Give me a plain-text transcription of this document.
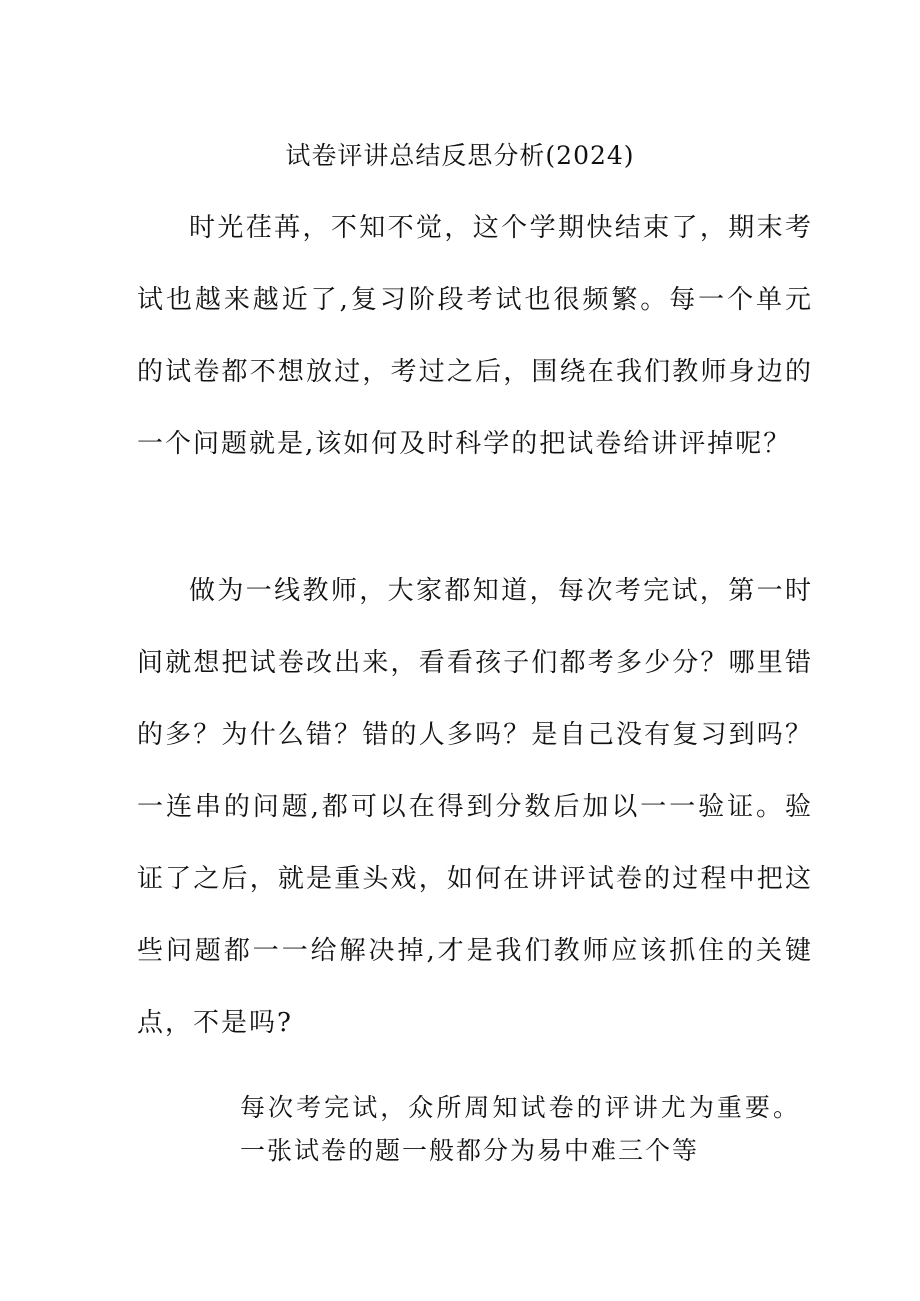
试卷评讲总结反思分析(2024)
时光荏苒，不知不觉，这个学期快结束了，期末考试也越来越近了,复习阶段考试也很频繁。每一个单元的试卷都不想放过，考过之后，围绕在我们教师身边的一个问题就是,该如何及时科学的把试卷给讲评掉呢？
做为一线教师，大家都知道，每次考完试，第一时间就想把试卷改出来，看看孩子们都考多少分？哪里错的多？为什么错？错的人多吗？是自己没有复习到吗？一连串的问题,都可以在得到分数后加以一一验证。验证了之后，就是重头戏，如何在讲评试卷的过程中把这些问题都一一给解决掉,才是我们教师应该抓住的关键点，不是吗?
每次考完试，众所周知试卷的评讲尤为重要。一张试卷的题一般都分为易中难三个等
